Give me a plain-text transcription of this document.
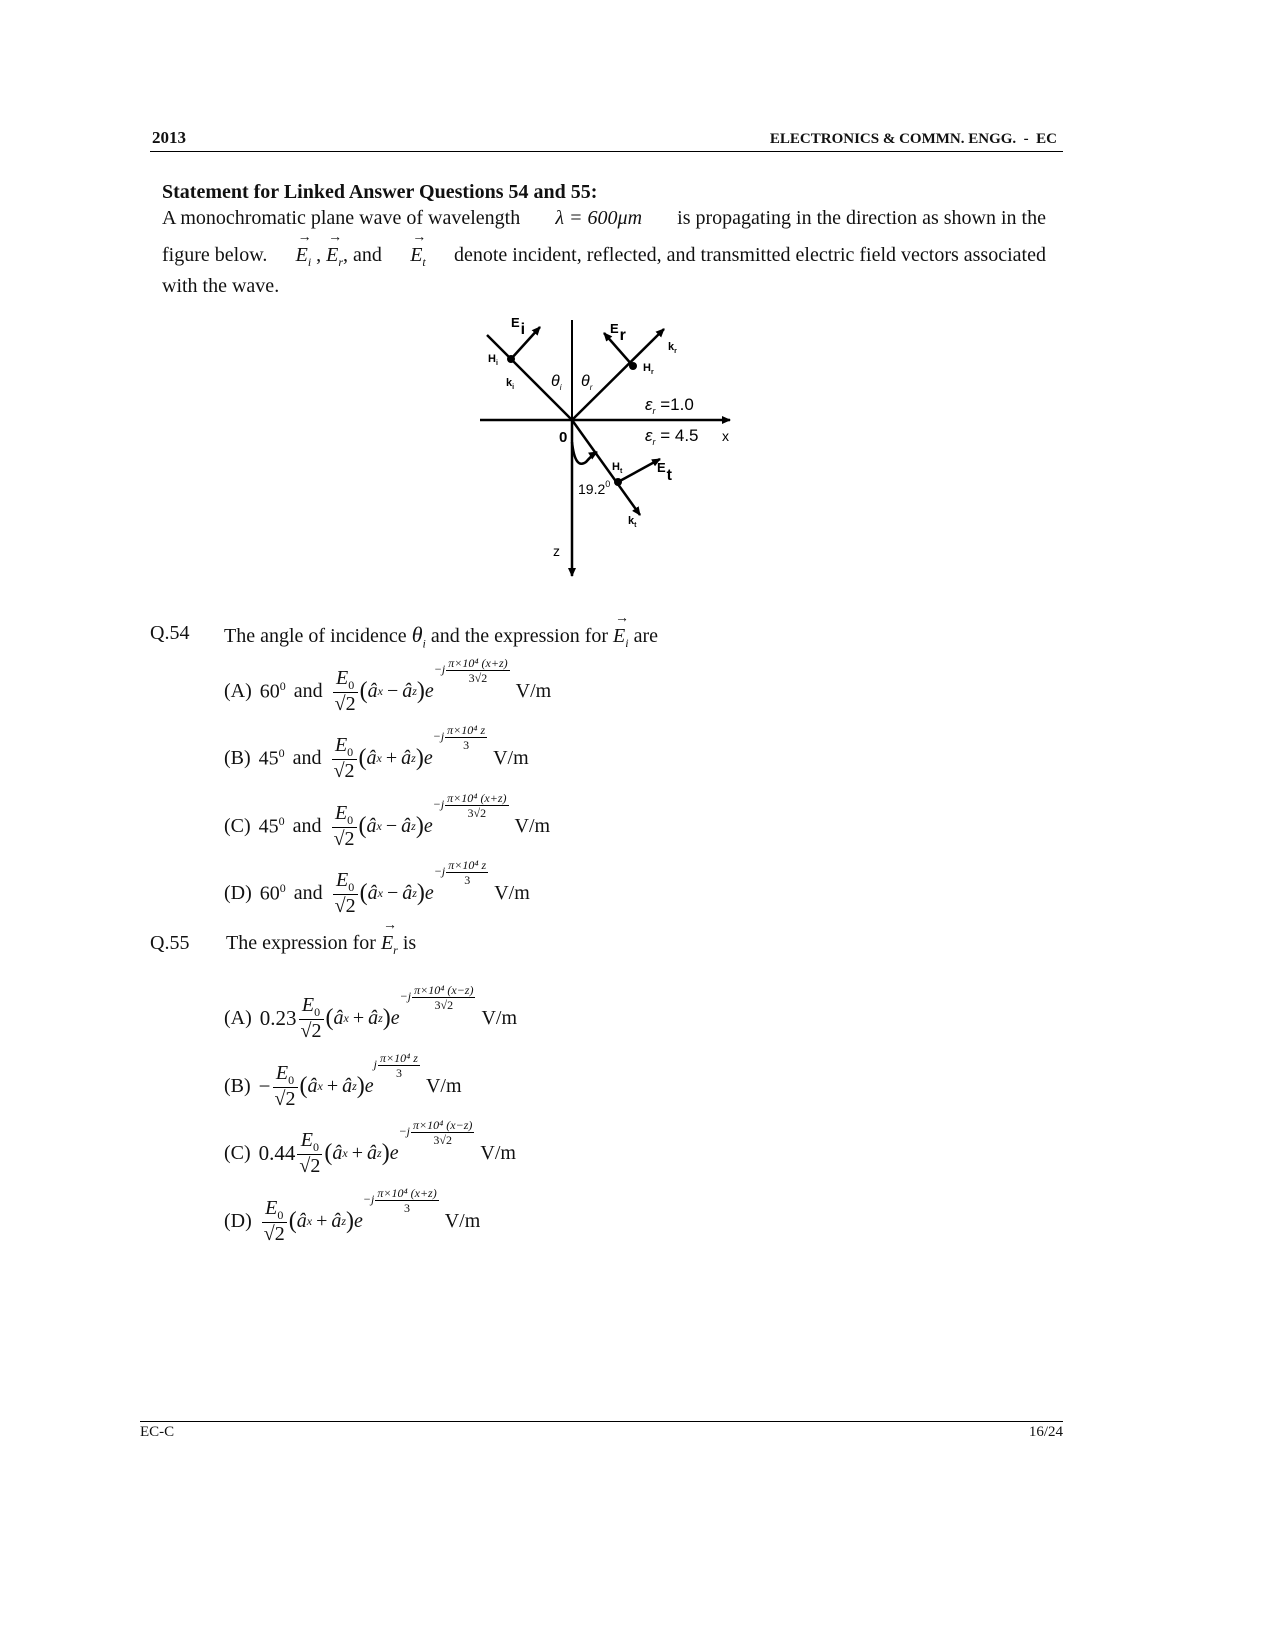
2013	ELECTRONICS & COMMN. ENGG.  -  EC
Statement for Linked Answer Questions 54 and 55:
A monochromatic plane wave of wavelength λ = 600μm is propagating in the direction as shown in the
figure below. → $E_i$ , → $E_r$, and → $E_t$ denote incident, reflected, and transmitted electric field vectors associated
with the wave.
Ei
$H_i$
$k_i$ $\theta_i$ $\theta_r$
Er
$k_r$
$H_r$
$\varepsilon_r =1.0$
$\varepsilon_r = 4.5$ x
0
$H_t$	Et
19.2$^0$
$k_t$
z
Q.54 The angle of incidence $\theta_i$ and the expression for → $E_i$ are
(A) $60^0$ and $\frac{E_0}{√2}$ ( â x − â z ) e
−j π×10⁴ (x+z)
3√2
V/m
(B) $45^0$ and $\frac{E_0}{√2}$ ( â x + â z ) e
−j π×10⁴ z
3
V/m
(C) $45^0$ and $\frac{E_0}{√2}$ ( â x − â z ) e
−j π×10⁴ (x+z)
3√2
V/m
(D) $60^0$ and $\frac{E_0}{√2}$ ( â x − â z ) e
−j π×10⁴ z
3
V/m
Q.55 The expression for → $E_r$ is
(A) $0.23 \frac{E_0}{√2}$ ( â x + â z ) e
−j π×10⁴ (x−z)
3√2
V/m
$(B) - \frac{E_0}{√2}$ ( â x + â z ) e
j π×10⁴ z
3
V/m
(C) $0.44 \frac{E_0}{√2}$ ( â x + â z ) e
−j π×10⁴ (x−z)
3√2
V/m
$(D) \frac{E_0}{√2}$ ( â x + â z ) e
−j π×10⁴ (x+z)
3
V/m
EC-C	16/24
